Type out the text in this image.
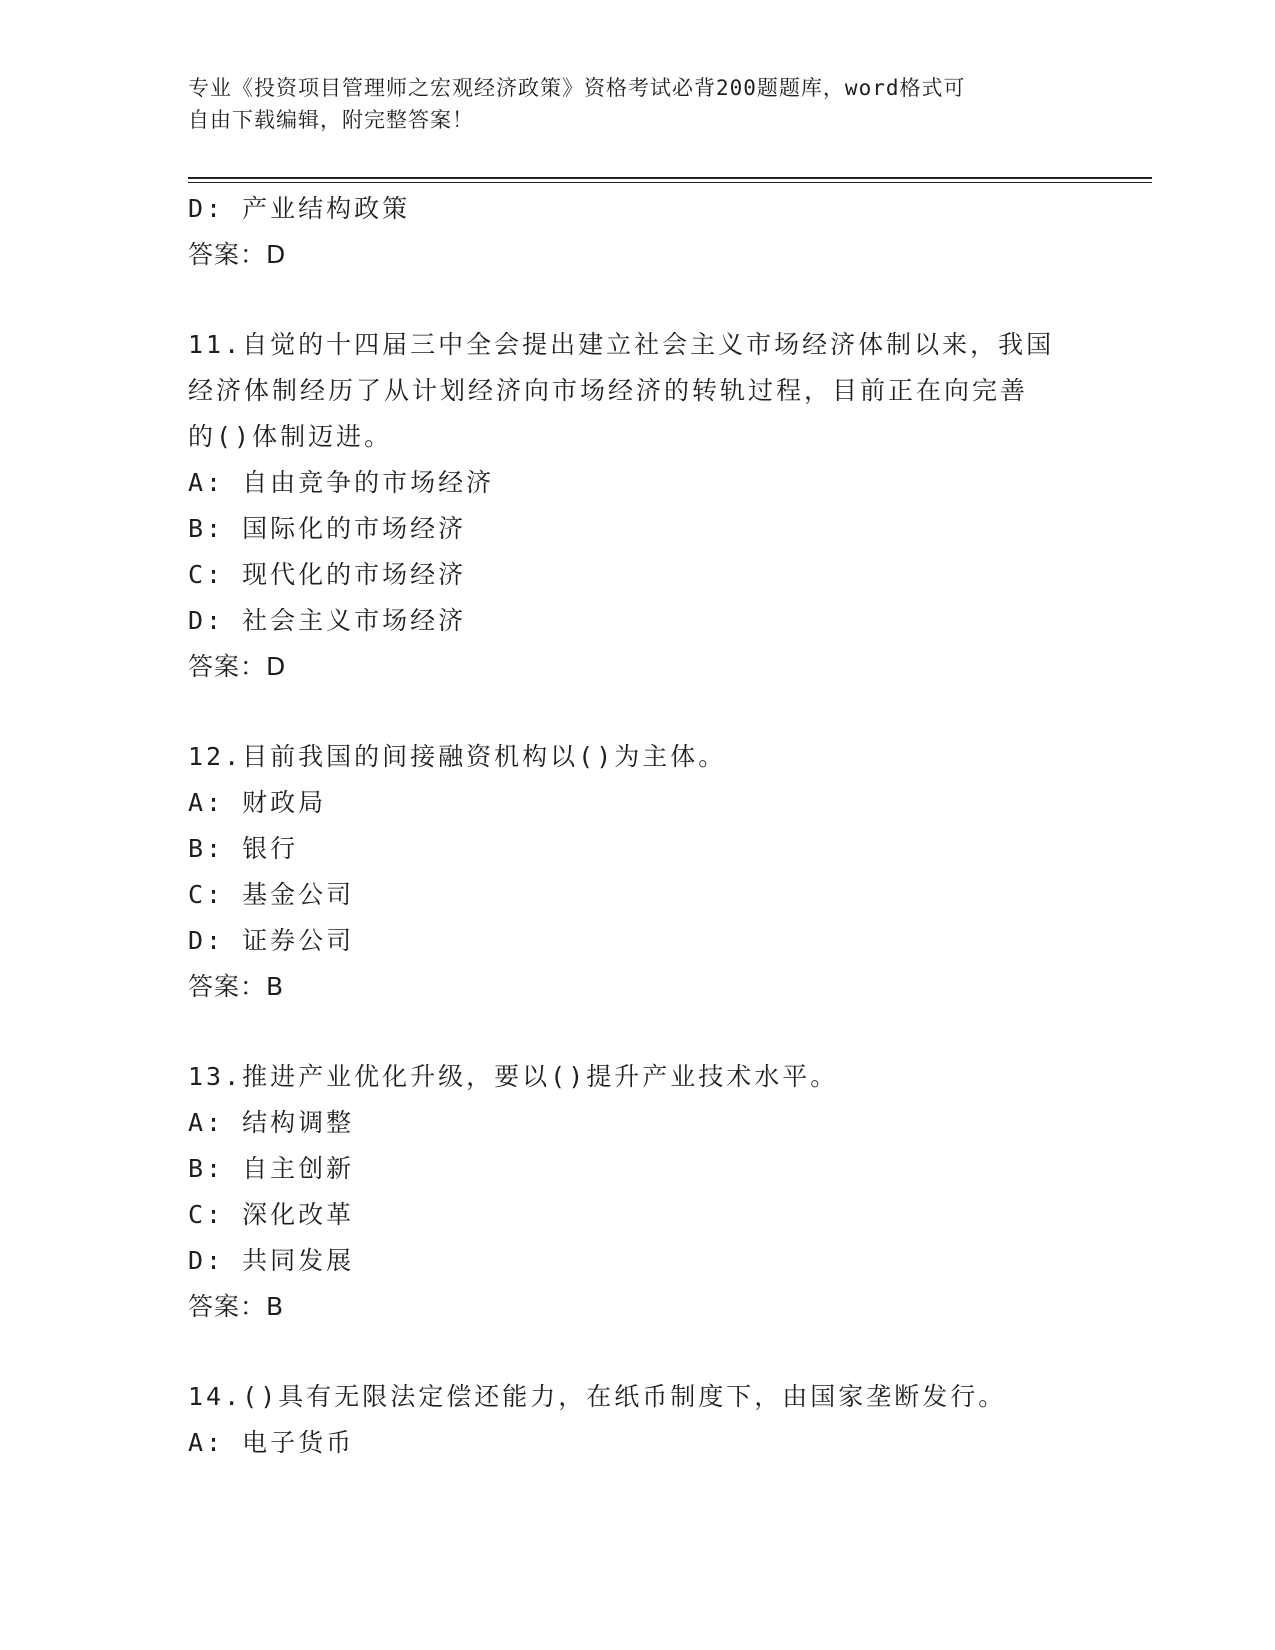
专业《投资项目管理师之宏观经济政策》资格考试必背200题题库，word格式可
自由下载编辑，附完整答案！
D: 产业结构政策
答案：D
11.自觉的十四届三中全会提出建立社会主义市场经济体制以来，我国
经济体制经历了从计划经济向市场经济的转轨过程，目前正在向完善
的()体制迈进。
A: 自由竞争的市场经济
B: 国际化的市场经济
C: 现代化的市场经济
D: 社会主义市场经济
答案：D
12.目前我国的间接融资机构以()为主体。
A: 财政局
B: 银行
C: 基金公司
D: 证券公司
答案：B
13.推进产业优化升级，要以()提升产业技术水平。
A: 结构调整
B: 自主创新
C: 深化改革
D: 共同发展
答案：B
14.()具有无限法定偿还能力，在纸币制度下，由国家垄断发行。
A: 电子货币
